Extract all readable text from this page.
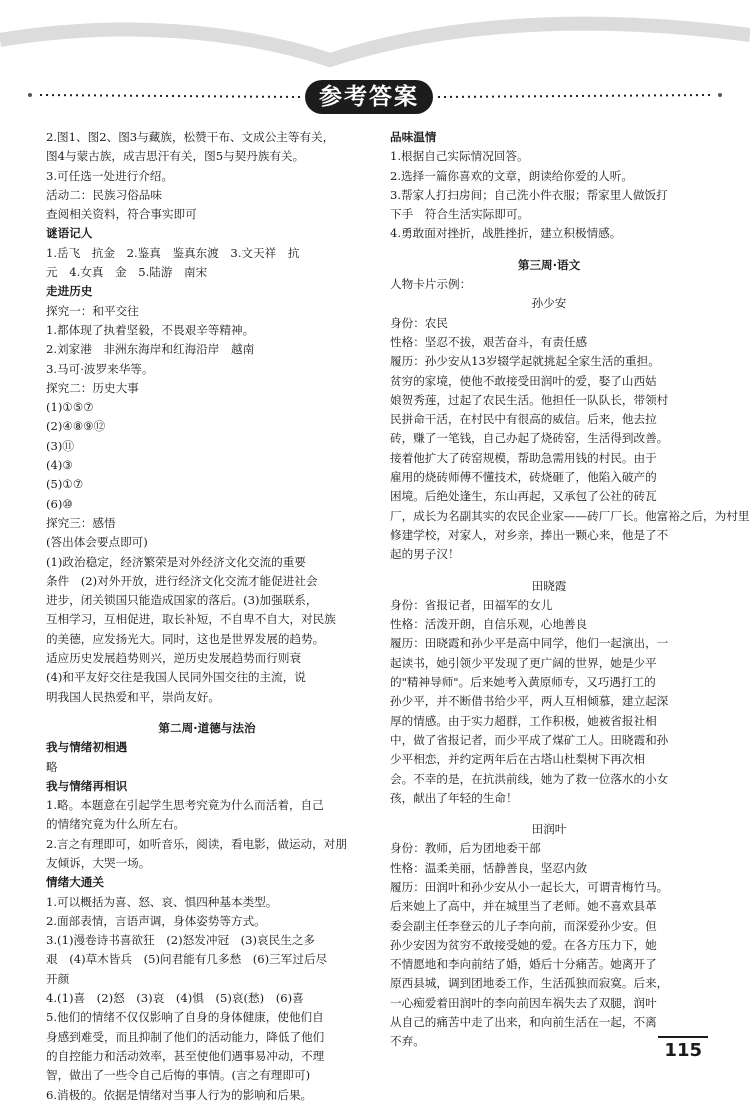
参考答案
2.图1、图2、图3与藏族，松赞干布、文成公主等有关，
图4与蒙古族，成吉思汗有关，图5与契丹族有关。
3.可任选一处进行介绍。
活动二：民族习俗品味
查阅相关资料，符合事实即可
谜语记人
1.岳飞　抗金　2.鉴真　鉴真东渡　3.文天祥　抗
元　4.女真　金　5.陆游　南宋
走进历史
探究一：和平交往
1.都体现了执着坚毅，不畏艰辛等精神。
2.刘家港　非洲东海岸和红海沿岸　越南
3.马可·波罗来华等。
探究二：历史大事
(1)①⑤⑦
(2)④⑧⑨⑫
(3)⑪
(4)③
(5)①⑦
(6)⑩
探究三：感悟
(答出体会要点即可)
(1)政治稳定，经济繁荣是对外经济文化交流的重要
条件　(2)对外开放，进行经济文化交流才能促进社会
进步，闭关锁国只能造成国家的落后。(3)加强联系，
互相学习，互相促进，取长补短，不自卑不自大，对民族
的美德，应发扬光大。同时，这也是世界发展的趋势。
适应历史发展趋势则兴，逆历史发展趋势而行则衰
(4)和平友好交往是我国人民同外国交往的主流，说
明我国人民热爱和平，崇尚友好。
第二周·道德与法治
我与情绪初相遇
略
我与情绪再相识
1.略。本题意在引起学生思考究竟为什么而活着，自己
的情绪究竟为什么所左右。
2.言之有理即可，如听音乐，阅读，看电影，做运动，对朋
友倾诉，大哭一场。
情绪大通关
1.可以概括为喜、怒、哀、惧四种基本类型。
2.面部表情，言语声调，身体姿势等方式。
3.(1)漫卷诗书喜欲狂　(2)怒发冲冠　(3)哀民生之多
艰　(4)草木皆兵　(5)问君能有几多愁　(6)三军过后尽
开颜
4.(1)喜　(2)怒　(3)哀　(4)惧　(5)哀(愁)　(6)喜
5.他们的情绪不仅仅影响了自身的身体健康，使他们自
身感到难受，而且抑制了他们的活动能力，降低了他们
的自控能力和活动效率，甚至使他们遇事易冲动，不理
智，做出了一些令自己后悔的事情。(言之有理即可)
6.消极的。依据是情绪对当事人行为的影响和后果。
品味温情
1.根据自己实际情况回答。
2.选择一篇你喜欢的文章，朗读给你爱的人听。
3.帮家人打扫房间；自己洗小件衣服；帮家里人做饭打
下手　符合生活实际即可。
4.勇敢面对挫折，战胜挫折，建立积极情感。
第三周·语文
人物卡片示例：
孙少安
身份：农民
性格：坚忍不拔，艰苦奋斗，有责任感
履历：孙少安从13岁辍学起就挑起全家生活的重担。
贫穷的家境，使他不敢接受田润叶的爱，娶了山西姑
娘贺秀莲，过起了农民生活。他担任一队队长，带领村
民拼命干活，在村民中有很高的威信。后来，他去拉
砖，赚了一笔钱，自己办起了烧砖窑，生活得到改善。
接着他扩大了砖窑规模，帮助急需用钱的村民。由于
雇用的烧砖师傅不懂技术，砖烧砸了，他陷入破产的
困境。后绝处逢生，东山再起，又承包了公社的砖瓦
厂，成长为名副其实的农民企业家——砖厂厂长。他富裕之后，为村里
修建学校，对家人，对乡亲，捧出一颗心来，他是了不
起的男子汉！
田晓霞
身份：省报记者，田福军的女儿
性格：活泼开朗，自信乐观，心地善良
履历：田晓霞和孙少平是高中同学，他们一起演出，一
起读书，她引领少平发现了更广阔的世界，她是少平
的"精神导师"。后来她考入黄原师专，又巧遇打工的
孙少平，并不断借书给少平，两人互相倾慕，建立起深
厚的情感。由于实力超群，工作积极，她被省报社相
中，做了省报记者，而少平成了煤矿工人。田晓霞和孙
少平相恋，并约定两年后在古塔山杜梨树下再次相
会。不幸的是，在抗洪前线，她为了救一位落水的小女
孩，献出了年轻的生命！
田润叶
身份：教师，后为团地委干部
性格：温柔美丽，恬静善良，坚忍内敛
履历：田润叶和孙少安从小一起长大，可谓青梅竹马。
后来她上了高中，并在城里当了老师。她不喜欢县革
委会副主任李登云的儿子李向前，而深爱孙少安。但
孙少安因为贫穷不敢接受她的爱。在各方压力下，她
不情愿地和李向前结了婚，婚后十分痛苦。她离开了
原西县城，调到团地委工作，生活孤独而寂寞。后来，
一心痴爱着田润叶的李向前因车祸失去了双腿，润叶
从自己的痛苦中走了出来，和向前生活在一起，不离
不弃。	115
